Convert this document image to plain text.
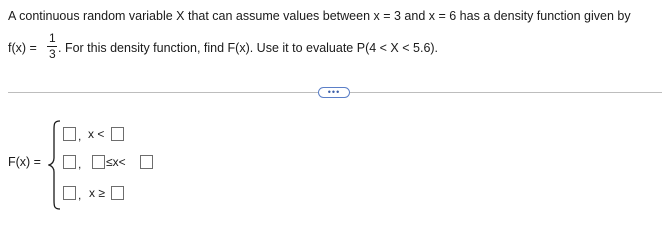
A continuous random variable X that can assume values between x = 3 and x = 6 has a density function given by
f(x) =
1
3 . For this density function, find F(x). Use it to evaluate P(4 < X < 5.6).
•••
F(x) =
, x <
, ≤x<
, x ≥
